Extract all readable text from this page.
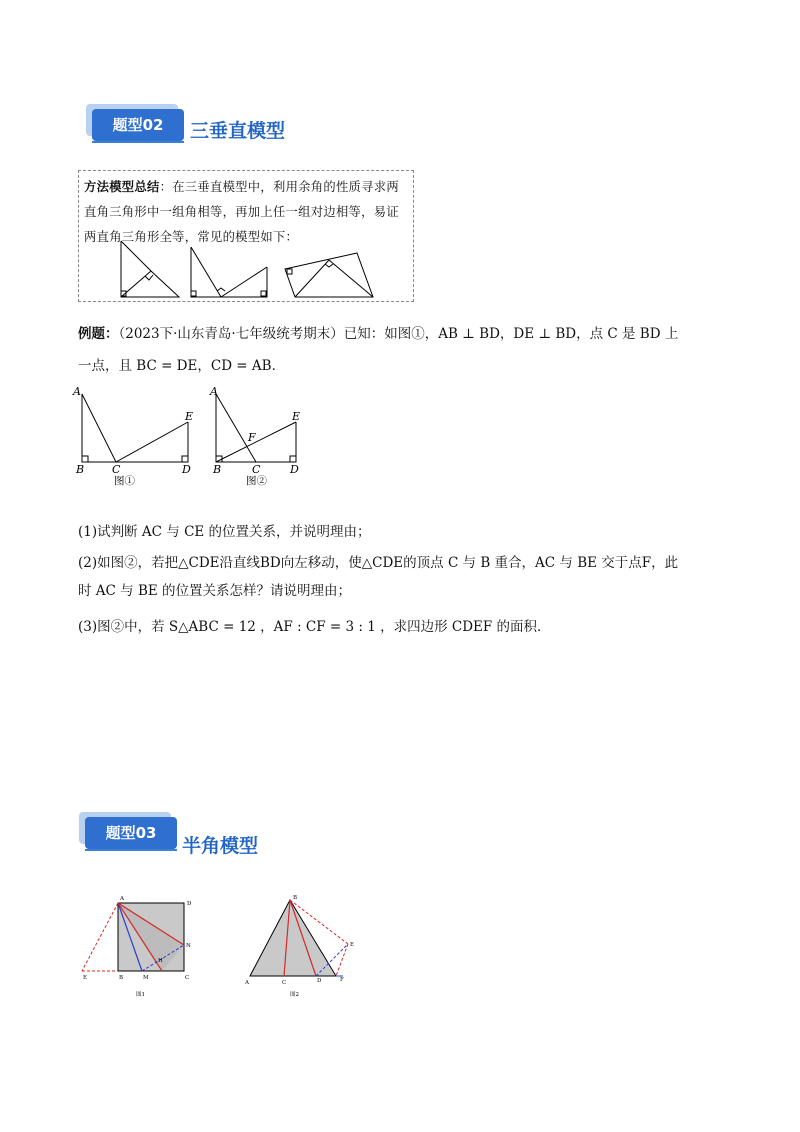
题型02	三垂直模型
方法模型总结：在三垂直模型中，利用余角的性质寻求两直角三角形中一组角相等，再加上任一组对边相等，易证两直角三角形全等，常见的模型如下：
例题：（2023下·山东青岛·七年级统考期末）已知：如图①，AB ⊥ BD，DE ⊥ BD，点 C 是 BD 上
一点，且 BC = DE，CD = AB．
A
B	C	D
E
A
B	C	D
E
F
图①	图②
(1)试判断 AC 与 CE 的位置关系，并说明理由；
(2)如图②，若把△CDE沿直线BD向左移动，使△CDE的顶点 C 与 B 重合，AC 与 BE 交于点F，此
时 AC 与 BE 的位置关系怎样？请说明理由；
(3)图②中，若 S△ABC = 12 ，AF : CF = 3 : 1 ，求四边形 CDEF 的面积．
题型03
半角模型
A
D
N
E	B	M
H
C
图1
B
E
A	C	D	F
图2
